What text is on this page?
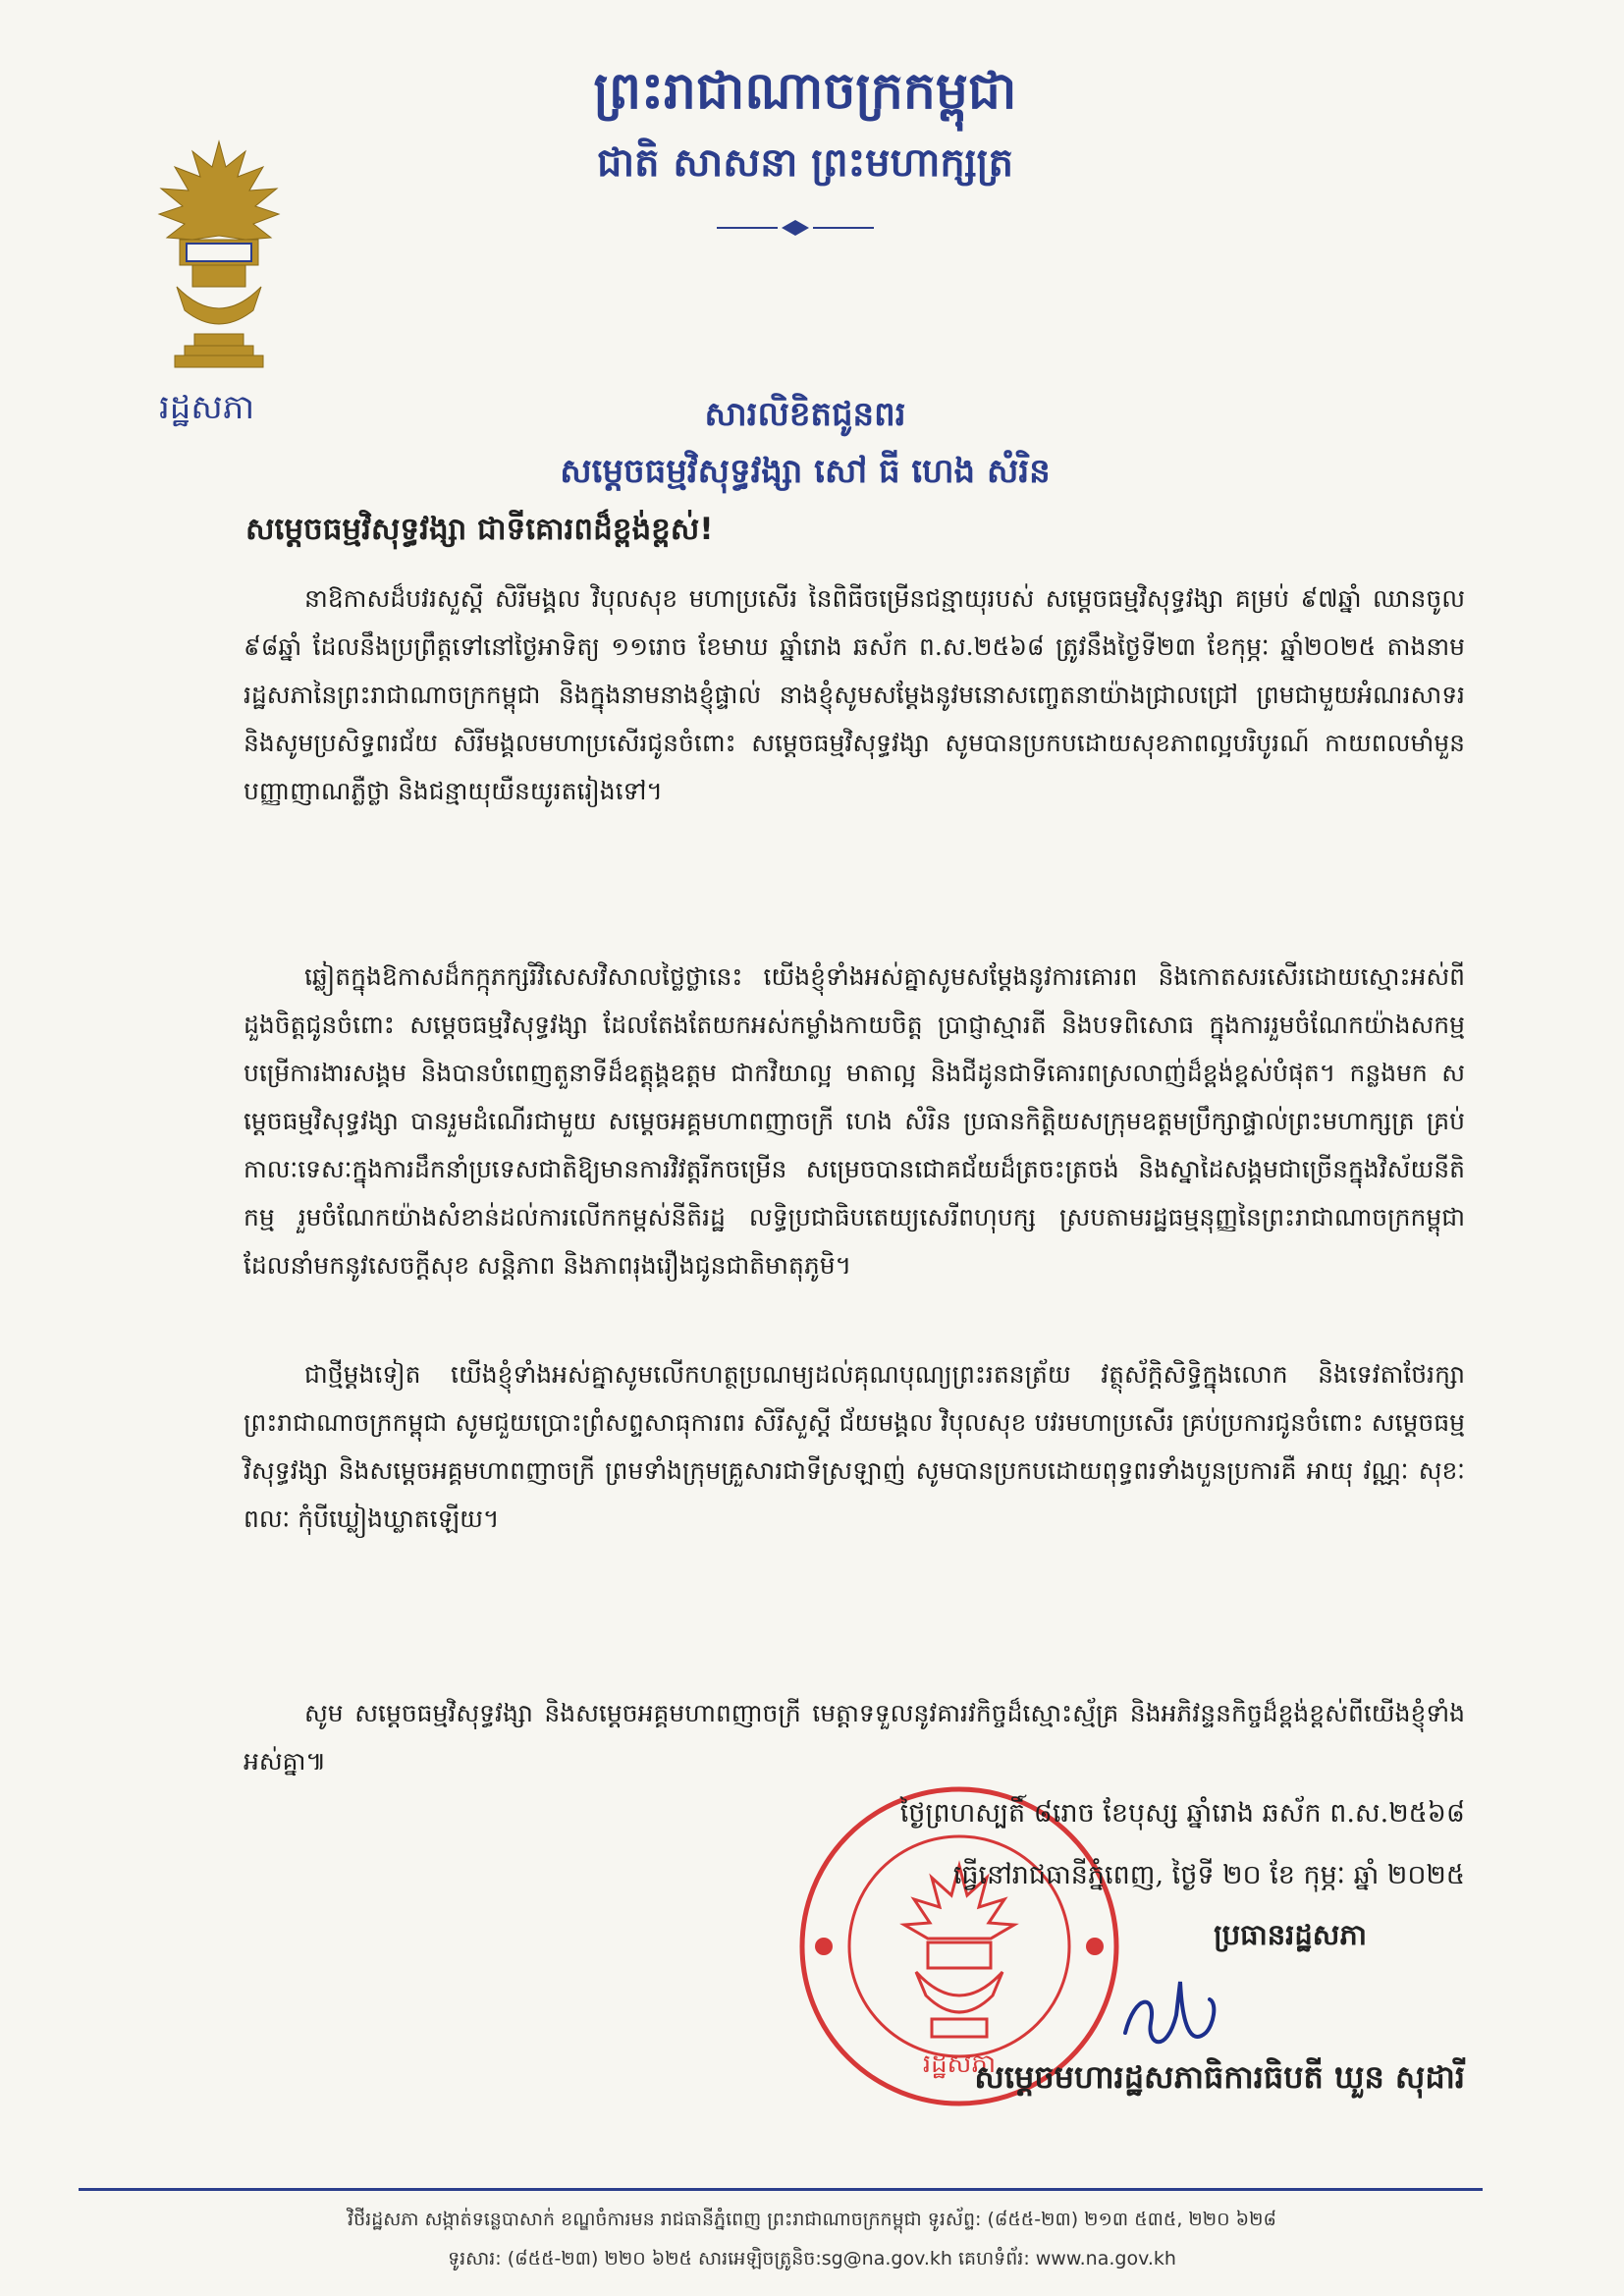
រដ្ឋសភា
ព្រះរាជាណាចក្រកម្ពុជា
ជាតិ សាសនា ព្រះមហាក្សត្រ
សារលិខិតជូនពរ
សម្តេចធម្មវិសុទ្ធវង្សា សៅ ធី ហេង សំរិន
សម្តេចធម្មវិសុទ្ធវង្សា ជាទីគោរពដ៏ខ្ពង់ខ្ពស់!
នាឱកាសដ៏បវរសួស្តី សិរីមង្គល វិបុលសុខ មហាប្រសើរ នៃពិធីចម្រើនជន្មាយុរបស់ សម្តេចធម្មវិសុទ្ធវង្សា គម្រប់ ៩៧ឆ្នាំ ឈានចូល ៩៨ឆ្នាំ ដែលនឹងប្រព្រឹត្តទៅនៅថ្ងៃអាទិត្យ ១១រោច ខែមាឃ ឆ្នាំរោង ឆស័ក ព.ស.២៥៦៨ ត្រូវនឹងថ្ងៃទី២៣ ខែកុម្ភៈ ឆ្នាំ២០២៥ តាងនាមរដ្ឋសភានៃព្រះរាជាណាចក្រកម្ពុជា និងក្នុងនាមនាងខ្ញុំផ្ទាល់ នាងខ្ញុំសូមសម្តែងនូវមនោសញ្ចេតនាយ៉ាងជ្រាលជ្រៅ ព្រមជាមួយអំណរសាទរ និងសូមប្រសិទ្ធពរជ័យ សិរីមង្គលមហាប្រសើរជូនចំពោះ សម្តេចធម្មវិសុទ្ធវង្សា សូមបានប្រកបដោយសុខភាពល្អបរិបូរណ៍ កាយពលមាំមួន បញ្ញាញាណភ្លឺថ្លា និងជន្មាយុយឺនយូរតរៀងទៅ។
ឆ្លៀតក្នុងឱកាសដ៏កក្កុភក្សរិវិសេសវិសាលថ្លៃថ្លានេះ យើងខ្ញុំទាំងអស់គ្នាសូមសម្តែងនូវការគោរព និងកោតសរសើរដោយស្មោះអស់ពីដួងចិត្តជូនចំពោះ សម្តេចធម្មវិសុទ្ធវង្សា ដែលតែងតែយកអស់កម្លាំងកាយចិត្ត ប្រាជ្ញាស្មារតី និងបទពិសោធ ក្នុងការរួមចំណែកយ៉ាងសកម្មបម្រើការងារសង្គម និងបានបំពេញតួនាទីដ៏ឧត្តុង្គឧត្តម ជាកវិយាល្អ មាតាល្អ និងជីដូនជាទីគោរពស្រលាញ់ដ៏ខ្ពង់ខ្ពស់បំផុត។ កន្លងមក សម្តេចធម្មវិសុទ្ធវង្សា បានរួមដំណើរជាមួយ សម្តេចអគ្គមហាពញាចក្រី ហេង សំរិន ប្រធានកិត្តិយសក្រុមឧត្តមប្រឹក្សាផ្ទាល់ព្រះមហាក្សត្រ គ្រប់កាលៈទេសៈក្នុងការដឹកនាំប្រទេសជាតិឱ្យមានការវិវត្តរីកចម្រើន សម្រេចបានជោគជ័យដ៏ត្រចះត្រចង់ និងស្នាដៃសង្គមជាច្រើនក្នុងវិស័យនីតិកម្ម រួមចំណែកយ៉ាងសំខាន់ដល់ការលើកកម្ពស់នីតិរដ្ឋ លទ្ធិប្រជាធិបតេយ្យសេរីពហុបក្ស ស្របតាមរដ្ឋធម្មនុញ្ញនៃព្រះរាជាណាចក្រកម្ពុជា ដែលនាំមកនូវសេចក្តីសុខ សន្តិភាព និងភាពរុងរឿងជូនជាតិមាតុភូមិ។
ជាថ្មីម្តងទៀត យើងខ្ញុំទាំងអស់គ្នាសូមលើកហត្ថប្រណម្យដល់គុណបុណ្យព្រះរតនត្រ័យ វត្ថុស័ក្តិសិទ្ធិក្នុងលោក និងទេវតាថែរក្សាព្រះរាជាណាចក្រកម្ពុជា សូមជួយប្រោះព្រំសព្ទសាធុការពរ សិរីសួស្តី ជ័យមង្គល វិបុលសុខ បវរមហាប្រសើរ គ្រប់ប្រការជូនចំពោះ សម្តេចធម្មវិសុទ្ធវង្សា និងសម្តេចអគ្គមហាពញាចក្រី ព្រមទាំងក្រុមគ្រួសារជាទីស្រឡាញ់ សូមបានប្រកបដោយពុទ្ធពរទាំងបួនប្រការគឺ អាយុ វណ្ណៈ សុខៈ ពលៈ កុំបីឃ្លៀងឃ្លាតឡើយ។
សូម សម្តេចធម្មវិសុទ្ធវង្សា និងសម្តេចអគ្គមហាពញាចក្រី មេត្តាទទួលនូវគារវកិច្ចដ៏ស្មោះស្ម័គ្រ និងអភិវន្ទនកិច្ចដ៏ខ្ពង់ខ្ពស់ពីយើងខ្ញុំទាំងអស់គ្នា៕
រដ្ឋសភា
ថ្ងៃព្រហស្បតិ៍ ៨រោច ខែបុស្ស ឆ្នាំរោង ឆស័ក ព.ស.២៥៦៨
ធ្វើនៅរាជធានីភ្នំពេញ, ថ្ងៃទី ២០ ខែ កុម្ភៈ ឆ្នាំ ២០២៥
ប្រធានរដ្ឋសភា
សម្តេចមហារដ្ឋសភាធិការធិបតី ឃួន សុដារី
វិថីរដ្ឋសភា សង្កាត់ទន្លេបាសាក់ ខណ្ឌចំការមន រាជធានីភ្នំពេញ ព្រះរាជាណាចក្រកម្ពុជា ទូរស័ព្ទ: (៨៥៥-២៣) ២១៣ ៥៣៥, ២២០ ៦២៨
ទូរសារ: (៨៥៥-២៣) ២២០ ៦២៥ សារអេឡិចត្រូនិច:sg@na.gov.kh គេហទំព័រ: www.na.gov.kh
